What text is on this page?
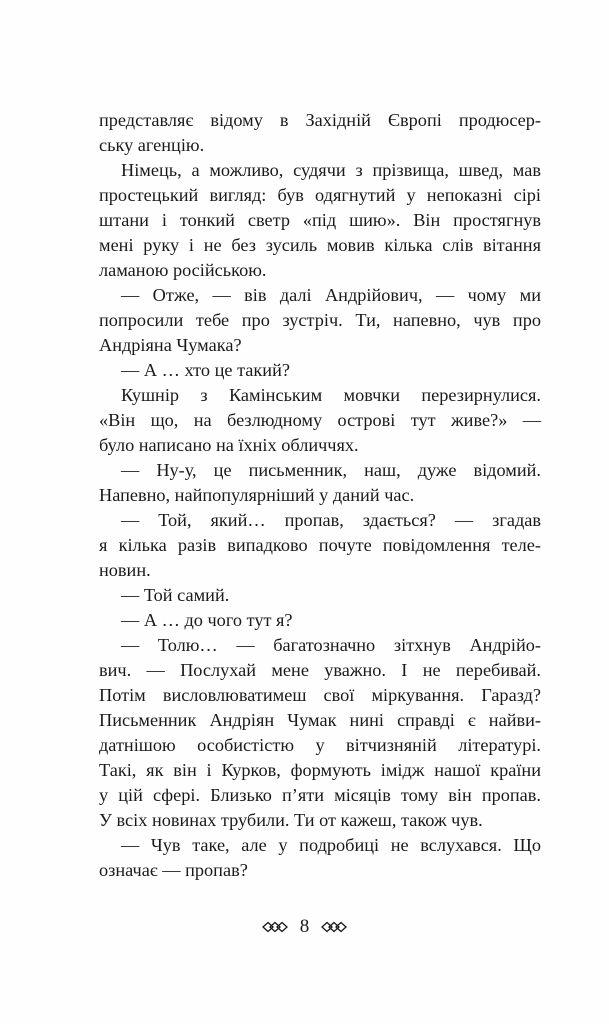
представляє відому в Західній Європі продюсер-
ську агенцію.
Німець, а можливо, судячи з прізвища, швед, мав
простецький вигляд: був одягнутий у непоказні сірі
штани і тонкий светр «під шию». Він простягнув
мені руку і не без зусиль мовив кілька слів вітання
ламаною російською.
— Отже, — вів далі Андрійович, — чому ми
попросили тебе про зустріч. Ти, напевно, чув про
Андріяна Чумака?
— А … хто це такий?
Кушнір з Камінським мовчки перезирнулися.
«Він що, на безлюдному острові тут живе?» —
було написано на їхніх обличчях.
— Ну-у, це письменник, наш, дуже відомий.
Напевно, найпопулярніший у даний час.
— Той, який… пропав, здається? — згадав
я кілька разів випадково почуте повідомлення теле-
новин.
— Той самий.
— А … до чого тут я?
— Толю… — багатозначно зітхнув Андрійо-
вич. — Послухай мене уважно. І не перебивай.
Потім висловлюватимеш свої міркування. Гаразд?
Письменник Андріян Чумак нині справді є найви-
датнішою особистістю у вітчизняній літературі.
Такі, як він і Курков, формують імідж нашої країни
у цій сфері. Близько п’яти місяців тому він пропав.
У всіх новинах трубили. Ти от кажеш, також чув.
— Чув таке, але у подробиці не вслухався. Що
означає — пропав?
8
